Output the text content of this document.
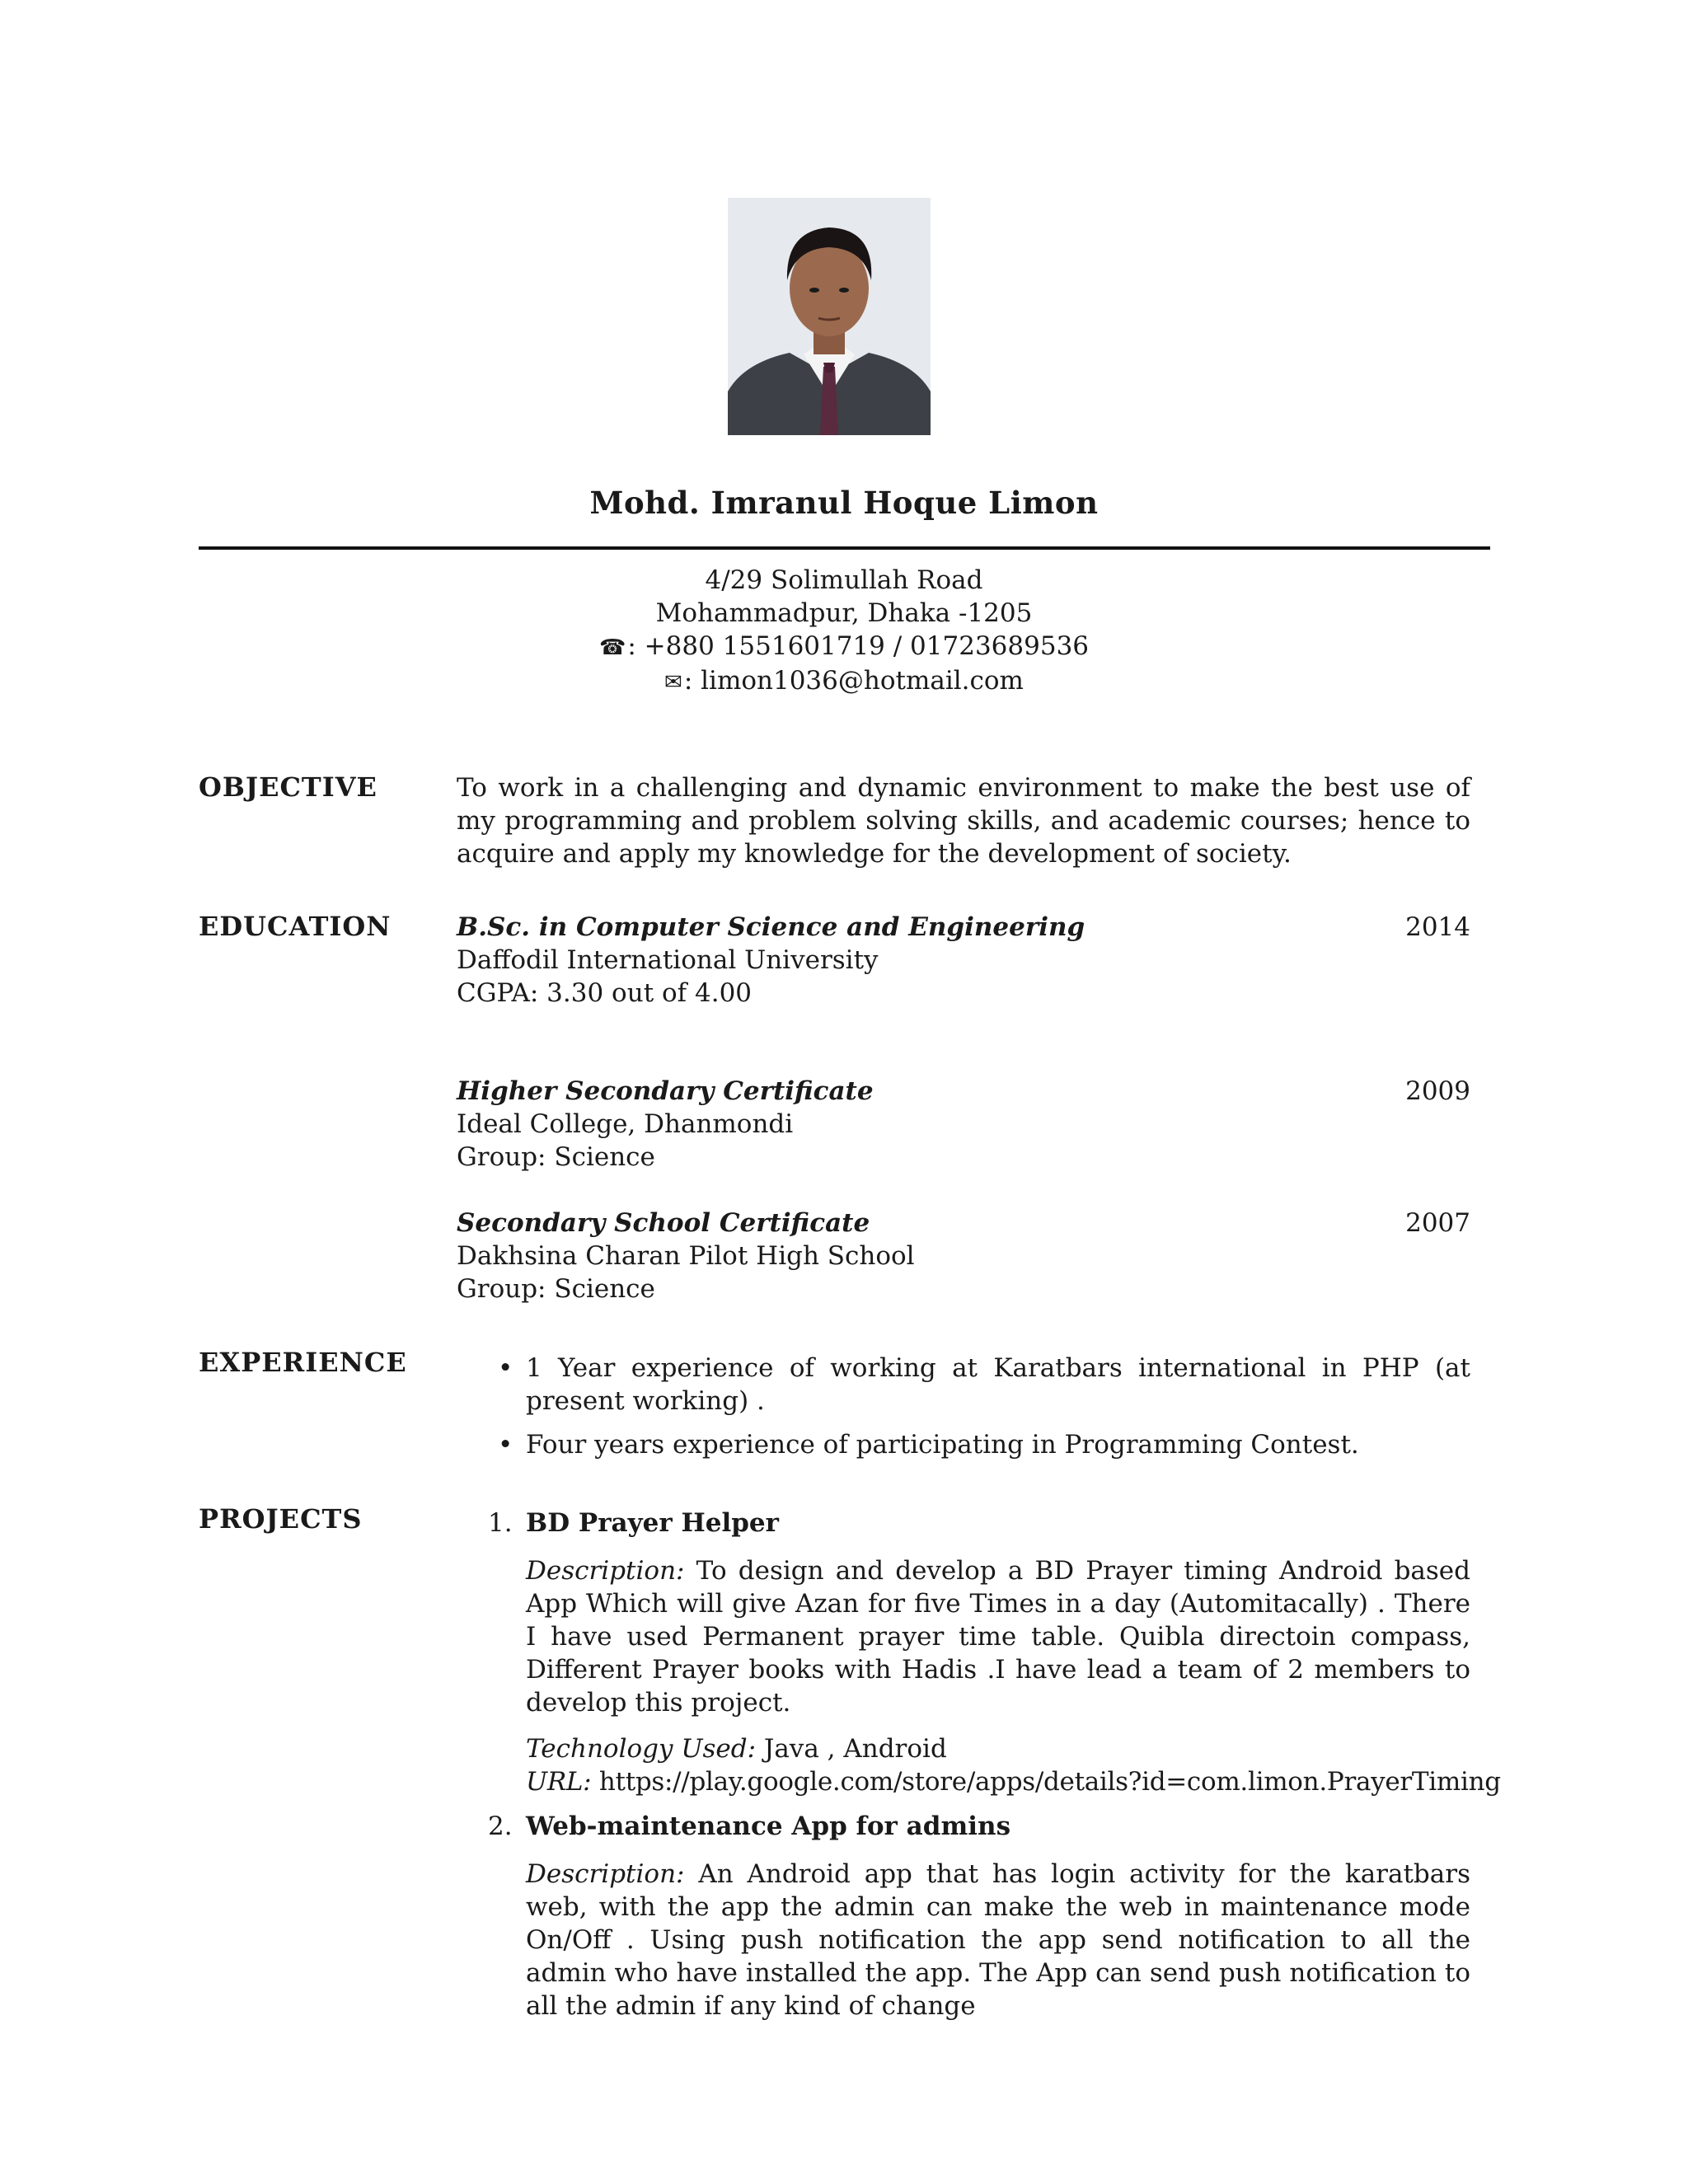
Mohd. Imranul Hoque Limon
4/29 Solimullah Road
Mohammadpur, Dhaka -1205
☎: +880 1551601719 / 01723689536
✉: limon1036@hotmail.com
OBJECTIVE	To work in a challenging and dynamic environment to make the best use of my programming and problem solving skills, and academic courses; hence to acquire and apply my knowledge for the development of society.
EDUCATION	B.Sc. in Computer Science and Engineering	2014
Daffodil International University
CGPA: 3.30 out of 4.00
Higher Secondary Certificate	2009
Ideal College, Dhanmondi
Group: Science
Secondary School Certificate	2007
Dakhsina Charan Pilot High School
Group: Science
EXPERIENCE	• 1 Year experience of working at Karatbars international in PHP (at present working) .
• Four years experience of participating in Programming Contest.
PROJECTS	1. BD Prayer Helper
Description: To design and develop a BD Prayer timing Android based App Which will give Azan for five Times in a day (Automitacally) . There I have used Permanent prayer time table. Quibla directoin compass, Different Prayer books with Hadis .I have lead a team of 2 members to develop this project.
Technology Used: Java , Android
URL: https://play.google.com/store/apps/details?id=com.limon.PrayerTiming
2. Web-maintenance App for admins
Description: An Android app that has login activity for the karatbars web, with the app the admin can make the web in maintenance mode On/Off . Using push notification the app send notification to all the admin who have installed the app. The App can send push notification to all the admin if any kind of change
